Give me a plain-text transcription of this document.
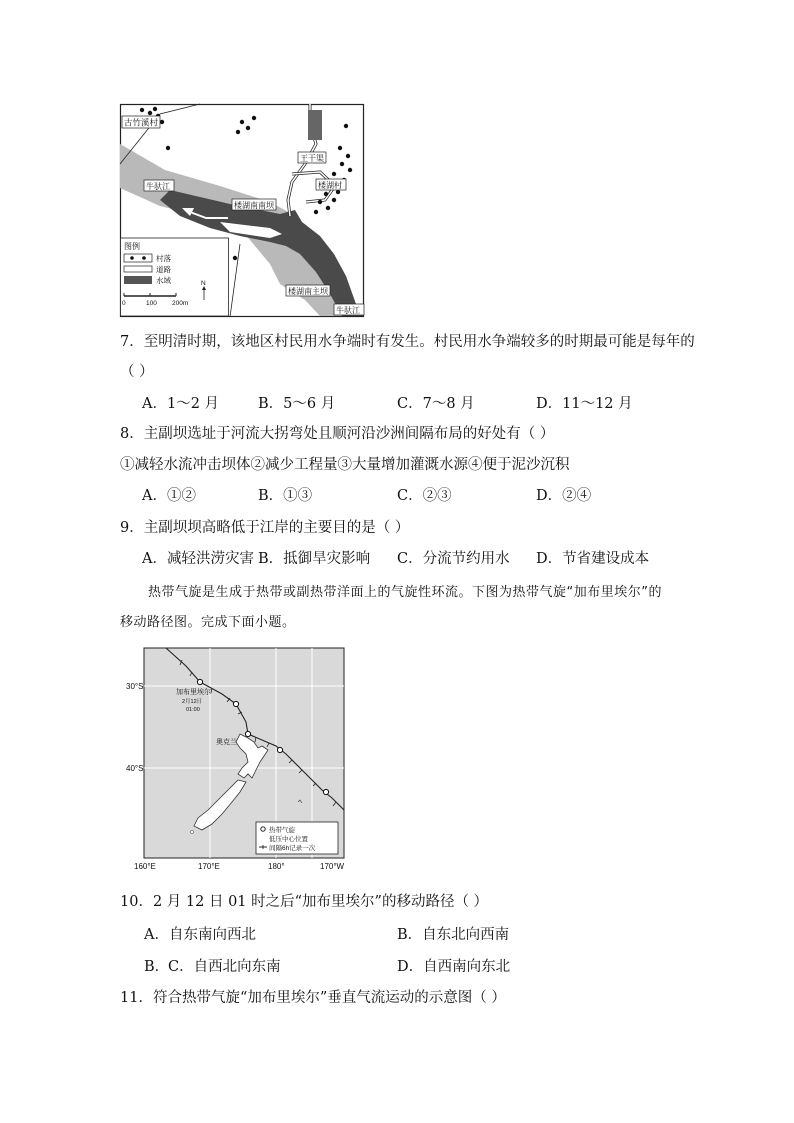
古竹溪村
王干渠
楼湖村
牛驮江
楼湖南南坝
楼湖南主坝
牛驮江
图例
村落
道路
水域
0	100 200m
N
7．至明清时期，该地区村民用水争端时有发生。村民用水争端较多的时期最可能是每年的
（ ）
A．1～2 月	B．5～6 月	C．7～8 月	D．11～12 月
8．主副坝选址于河流大拐弯处且顺河沿沙洲间隔布局的好处有（ ）
①减轻水流冲击坝体②减少工程量③大量增加灌溉水源④便于泥沙沉积
A．①②	B．①③	C．②③	D．②④
9．主副坝坝高略低于江岸的主要目的是（ ）
A．减轻洪涝灾害 B．抵御旱灾影响 C．分流节约用水 D．节省建设成本
热带气旋是生成于热带或副热带洋面上的气旋性环流。下图为热带气旋“加布里埃尔”的
移动路径图。完成下面小题。
30°S
40°S
160°E	170°E	180°	170°W
加布里埃尔
2月12日
01:00
奥克兰
热带气旋
低压中心位置
间隔6h记录一次
10．2 月 12 日 01 时之后“加布里埃尔”的移动路径（ ）
A．自东南向西北	B．自东北向西南
B．
C．自西北向东南	D．自西南向东北
11．符合热带气旋“加布里埃尔”垂直气流运动的示意图（ ）
